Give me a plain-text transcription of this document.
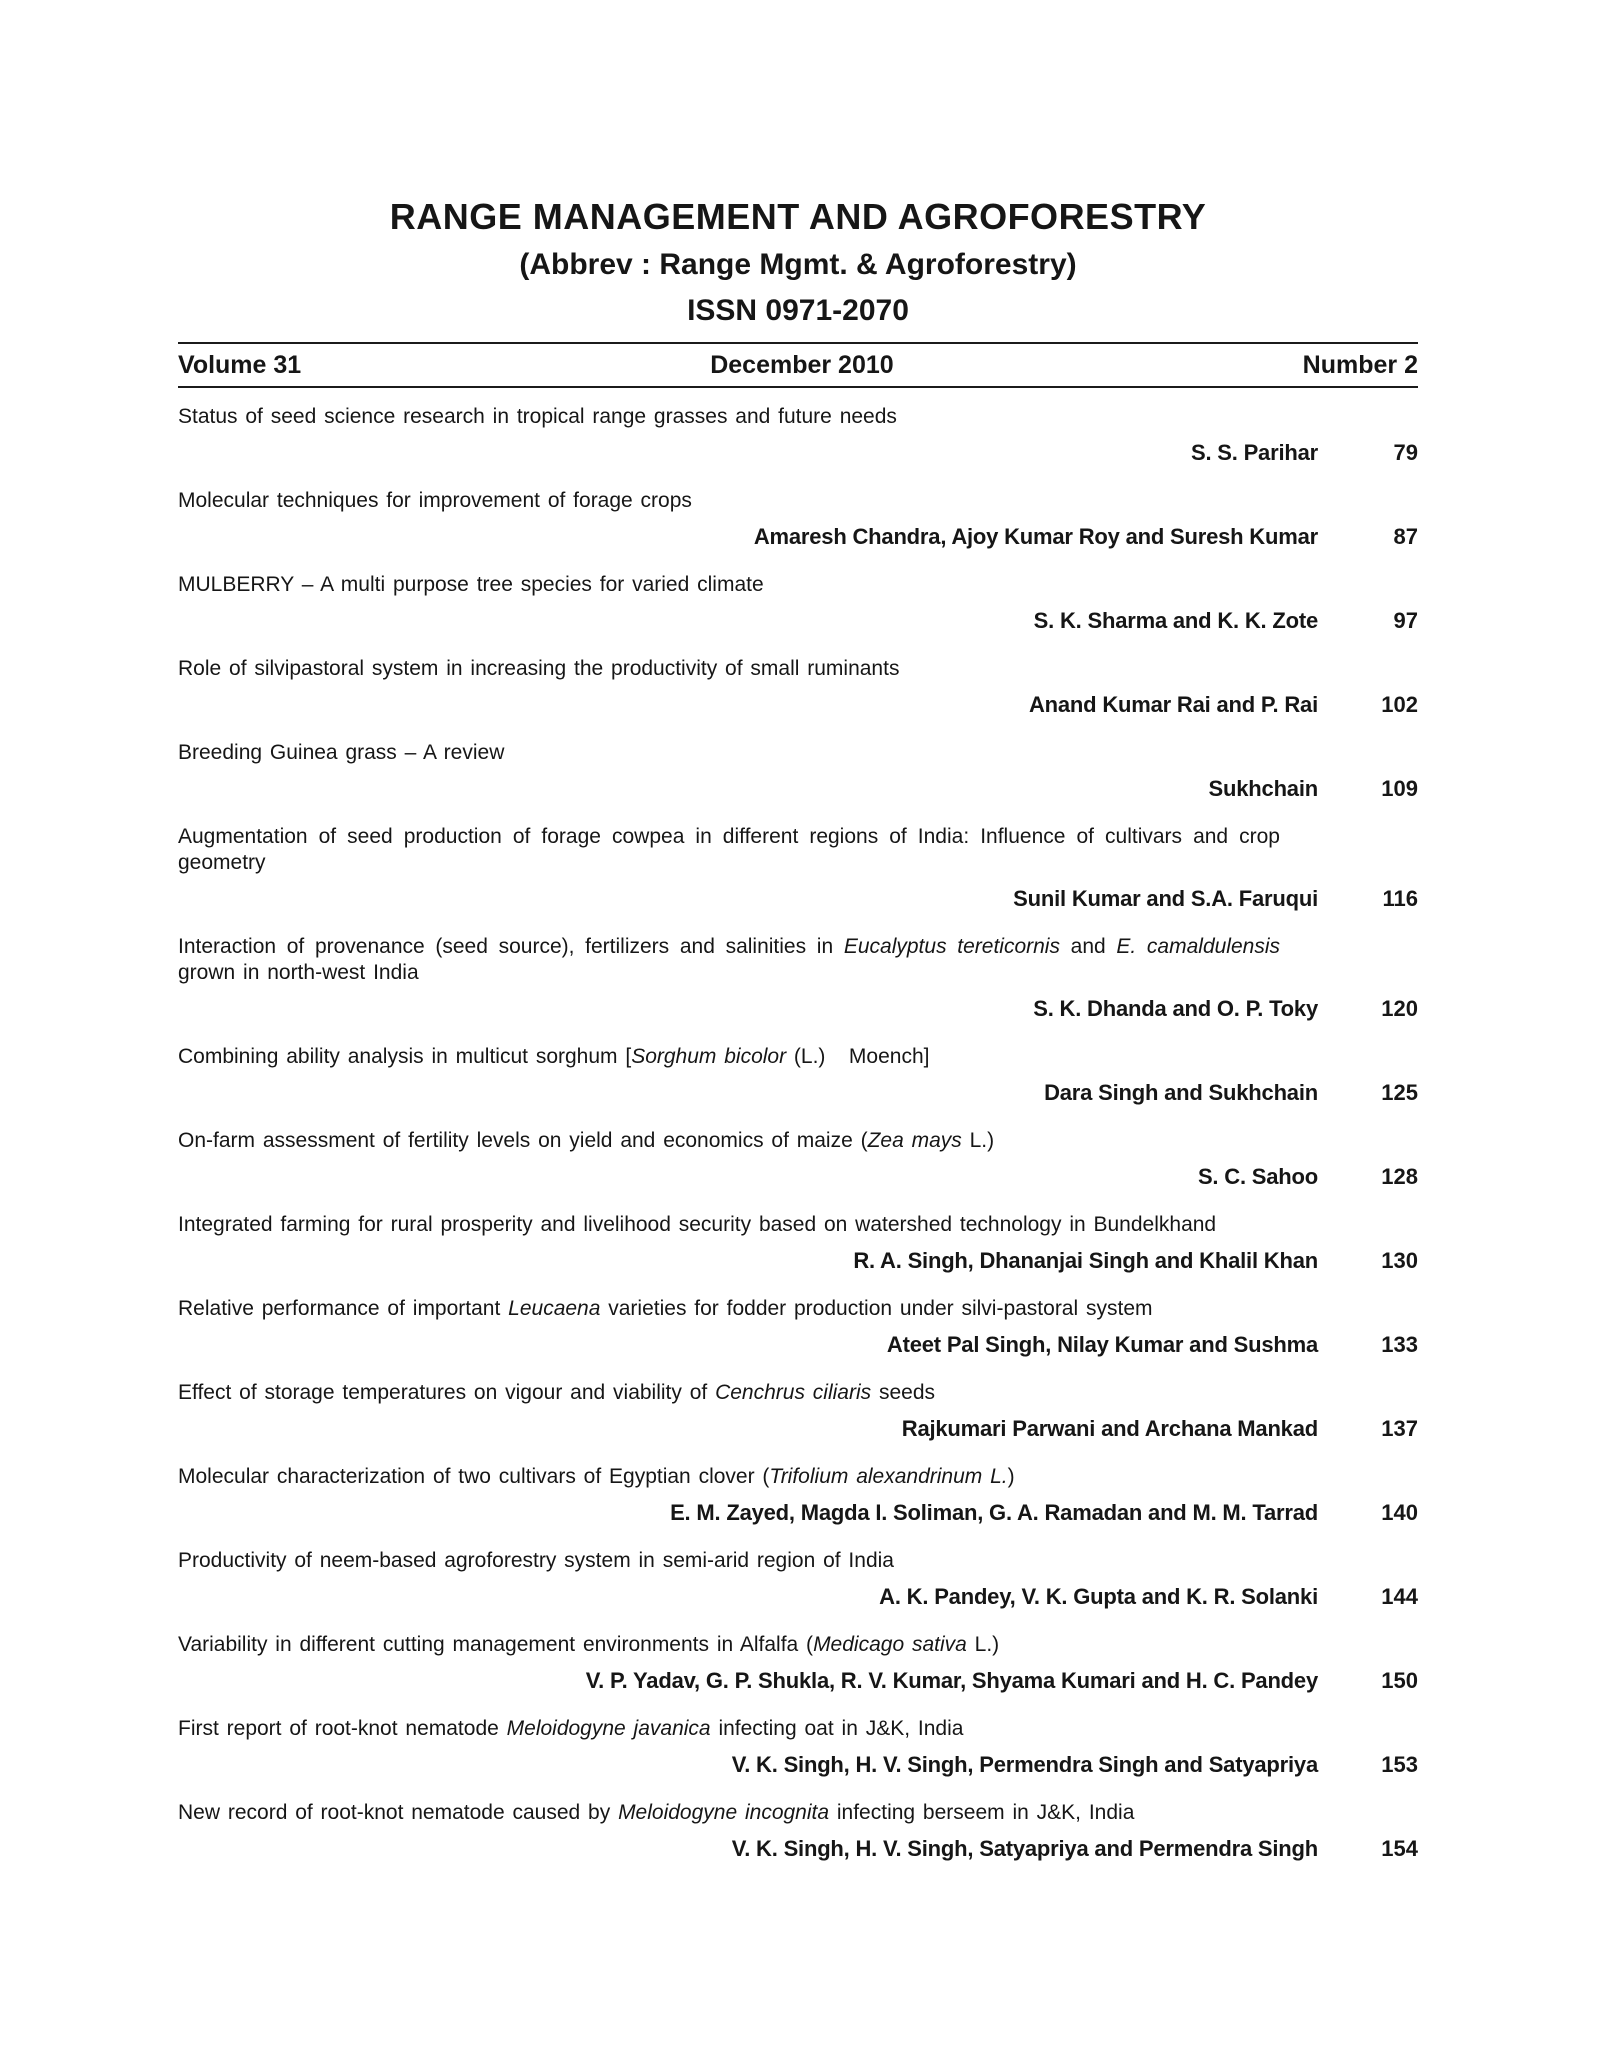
RANGE MANAGEMENT AND AGROFORESTRY
(Abbrev : Range Mgmt. & Agroforestry)
ISSN 0971-2070
Volume 31	December 2010	Number 2
Status of seed science research in tropical range grasses and future needs
S. S. Parihar	79
Molecular techniques for improvement of forage crops
Amaresh Chandra, Ajoy Kumar Roy and Suresh Kumar	87
MULBERRY – A multi purpose tree species for varied climate
S. K. Sharma and K. K. Zote	97
Role of silvipastoral system in increasing the productivity of small ruminants
Anand Kumar Rai and P. Rai	102
Breeding Guinea grass – A review
Sukhchain	109
Augmentation of seed production of forage cowpea in different regions of India: Influence of cultivars and crop geometry
Sunil Kumar and S.A. Faruqui	116
Interaction of provenance (seed source), fertilizers and salinities in Eucalyptus tereticornis and E. camaldulensis grown in north-west India
S. K. Dhanda and O. P. Toky	120
Combining ability analysis in multicut sorghum [Sorghum bicolor (L.)   Moench]
Dara Singh and Sukhchain	125
On-farm assessment of fertility levels on yield and economics of maize (Zea mays L.)
S. C. Sahoo	128
Integrated farming for rural prosperity and livelihood security based on watershed technology in Bundelkhand
R. A. Singh, Dhananjai Singh and Khalil Khan	130
Relative performance of important Leucaena varieties for fodder production under silvi-pastoral system
Ateet Pal Singh, Nilay Kumar and Sushma	133
Effect of storage temperatures on vigour and viability of Cenchrus ciliaris seeds
Rajkumari Parwani and Archana Mankad	137
Molecular characterization of two cultivars of Egyptian clover (Trifolium alexandrinum L.)
E. M. Zayed, Magda I. Soliman, G. A. Ramadan and M. M. Tarrad	140
Productivity of neem-based agroforestry system in semi-arid region of India
A. K. Pandey, V. K. Gupta and K. R. Solanki	144
Variability in different cutting management environments in Alfalfa (Medicago sativa L.)
V. P. Yadav, G. P. Shukla, R. V. Kumar, Shyama Kumari and H. C. Pandey	150
First report of root-knot nematode Meloidogyne javanica infecting oat in J&K, India
V. K. Singh, H. V. Singh, Permendra Singh and Satyapriya	153
New record of root-knot nematode caused by Meloidogyne incognita infecting berseem in J&K, India
V. K. Singh, H. V. Singh, Satyapriya and Permendra Singh	154
